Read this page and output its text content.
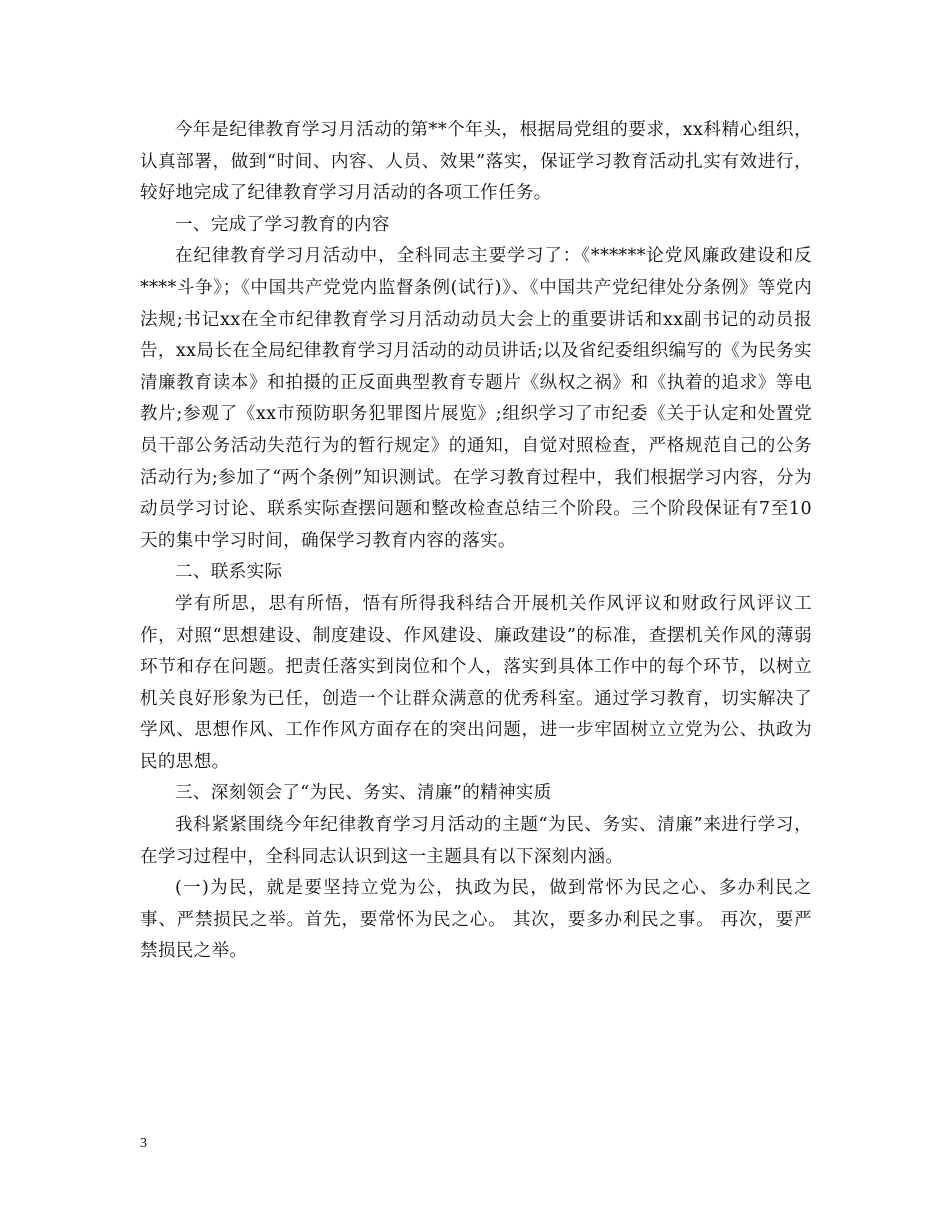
今年是纪律教育学习月活动的第**个年头，根据局党组的要求，xx科精心组织，认真部署，做到“时间、内容、人员、效果”落实，保证学习教育活动扎实有效进行，较好地完成了纪律教育学习月活动的各项工作任务。

一、完成了学习教育的内容

在纪律教育学习月活动中，全科同志主要学习了：《******论党风廉政建设和反****斗争》；《中国共产党党内监督条例(试行)》、《中国共产党纪律处分条例》等党内法规;书记xx在全市纪律教育学习月活动动员大会上的重要讲话和xx副书记的动员报告，xx局长在全局纪律教育学习月活动的动员讲话;以及省纪委组织编写的《为民务实清廉教育读本》和拍摄的正反面典型教育专题片《纵权之祸》和《执着的追求》等电教片;参观了《xx市预防职务犯罪图片展览》;组织学习了市纪委《关于认定和处置党员干部公务活动失范行为的暂行规定》的通知，自觉对照检查，严格规范自己的公务活动行为;参加了“两个条例”知识测试。在学习教育过程中，我们根据学习内容，分为动员学习讨论、联系实际查摆问题和整改检查总结三个阶段。三个阶段保证有7至10天的集中学习时间，确保学习教育内容的落实。

二、联系实际

学有所思，思有所悟，悟有所得我科结合开展机关作风评议和财政行风评议工作，对照“思想建设、制度建设、作风建设、廉政建设”的标准，查摆机关作风的薄弱环节和存在问题。把责任落实到岗位和个人，落实到具体工作中的每个环节，以树立机关良好形象为已任，创造一个让群众满意的优秀科室。通过学习教育，切实解决了学风、思想作风、工作作风方面存在的突出问题，进一步牢固树立立党为公、执政为民的思想。

三、深刻领会了“为民、务实、清廉”的精神实质

我科紧紧围绕今年纪律教育学习月活动的主题“为民、务实、清廉”来进行学习，在学习过程中，全科同志认识到这一主题具有以下深刻内涵。

(一)为民，就是要坚持立党为公，执政为民，做到常怀为民之心、多办利民之事、严禁损民之举。首先，要常怀为民之心。 其次，要多办利民之事。 再次，要严禁损民之举。

3
